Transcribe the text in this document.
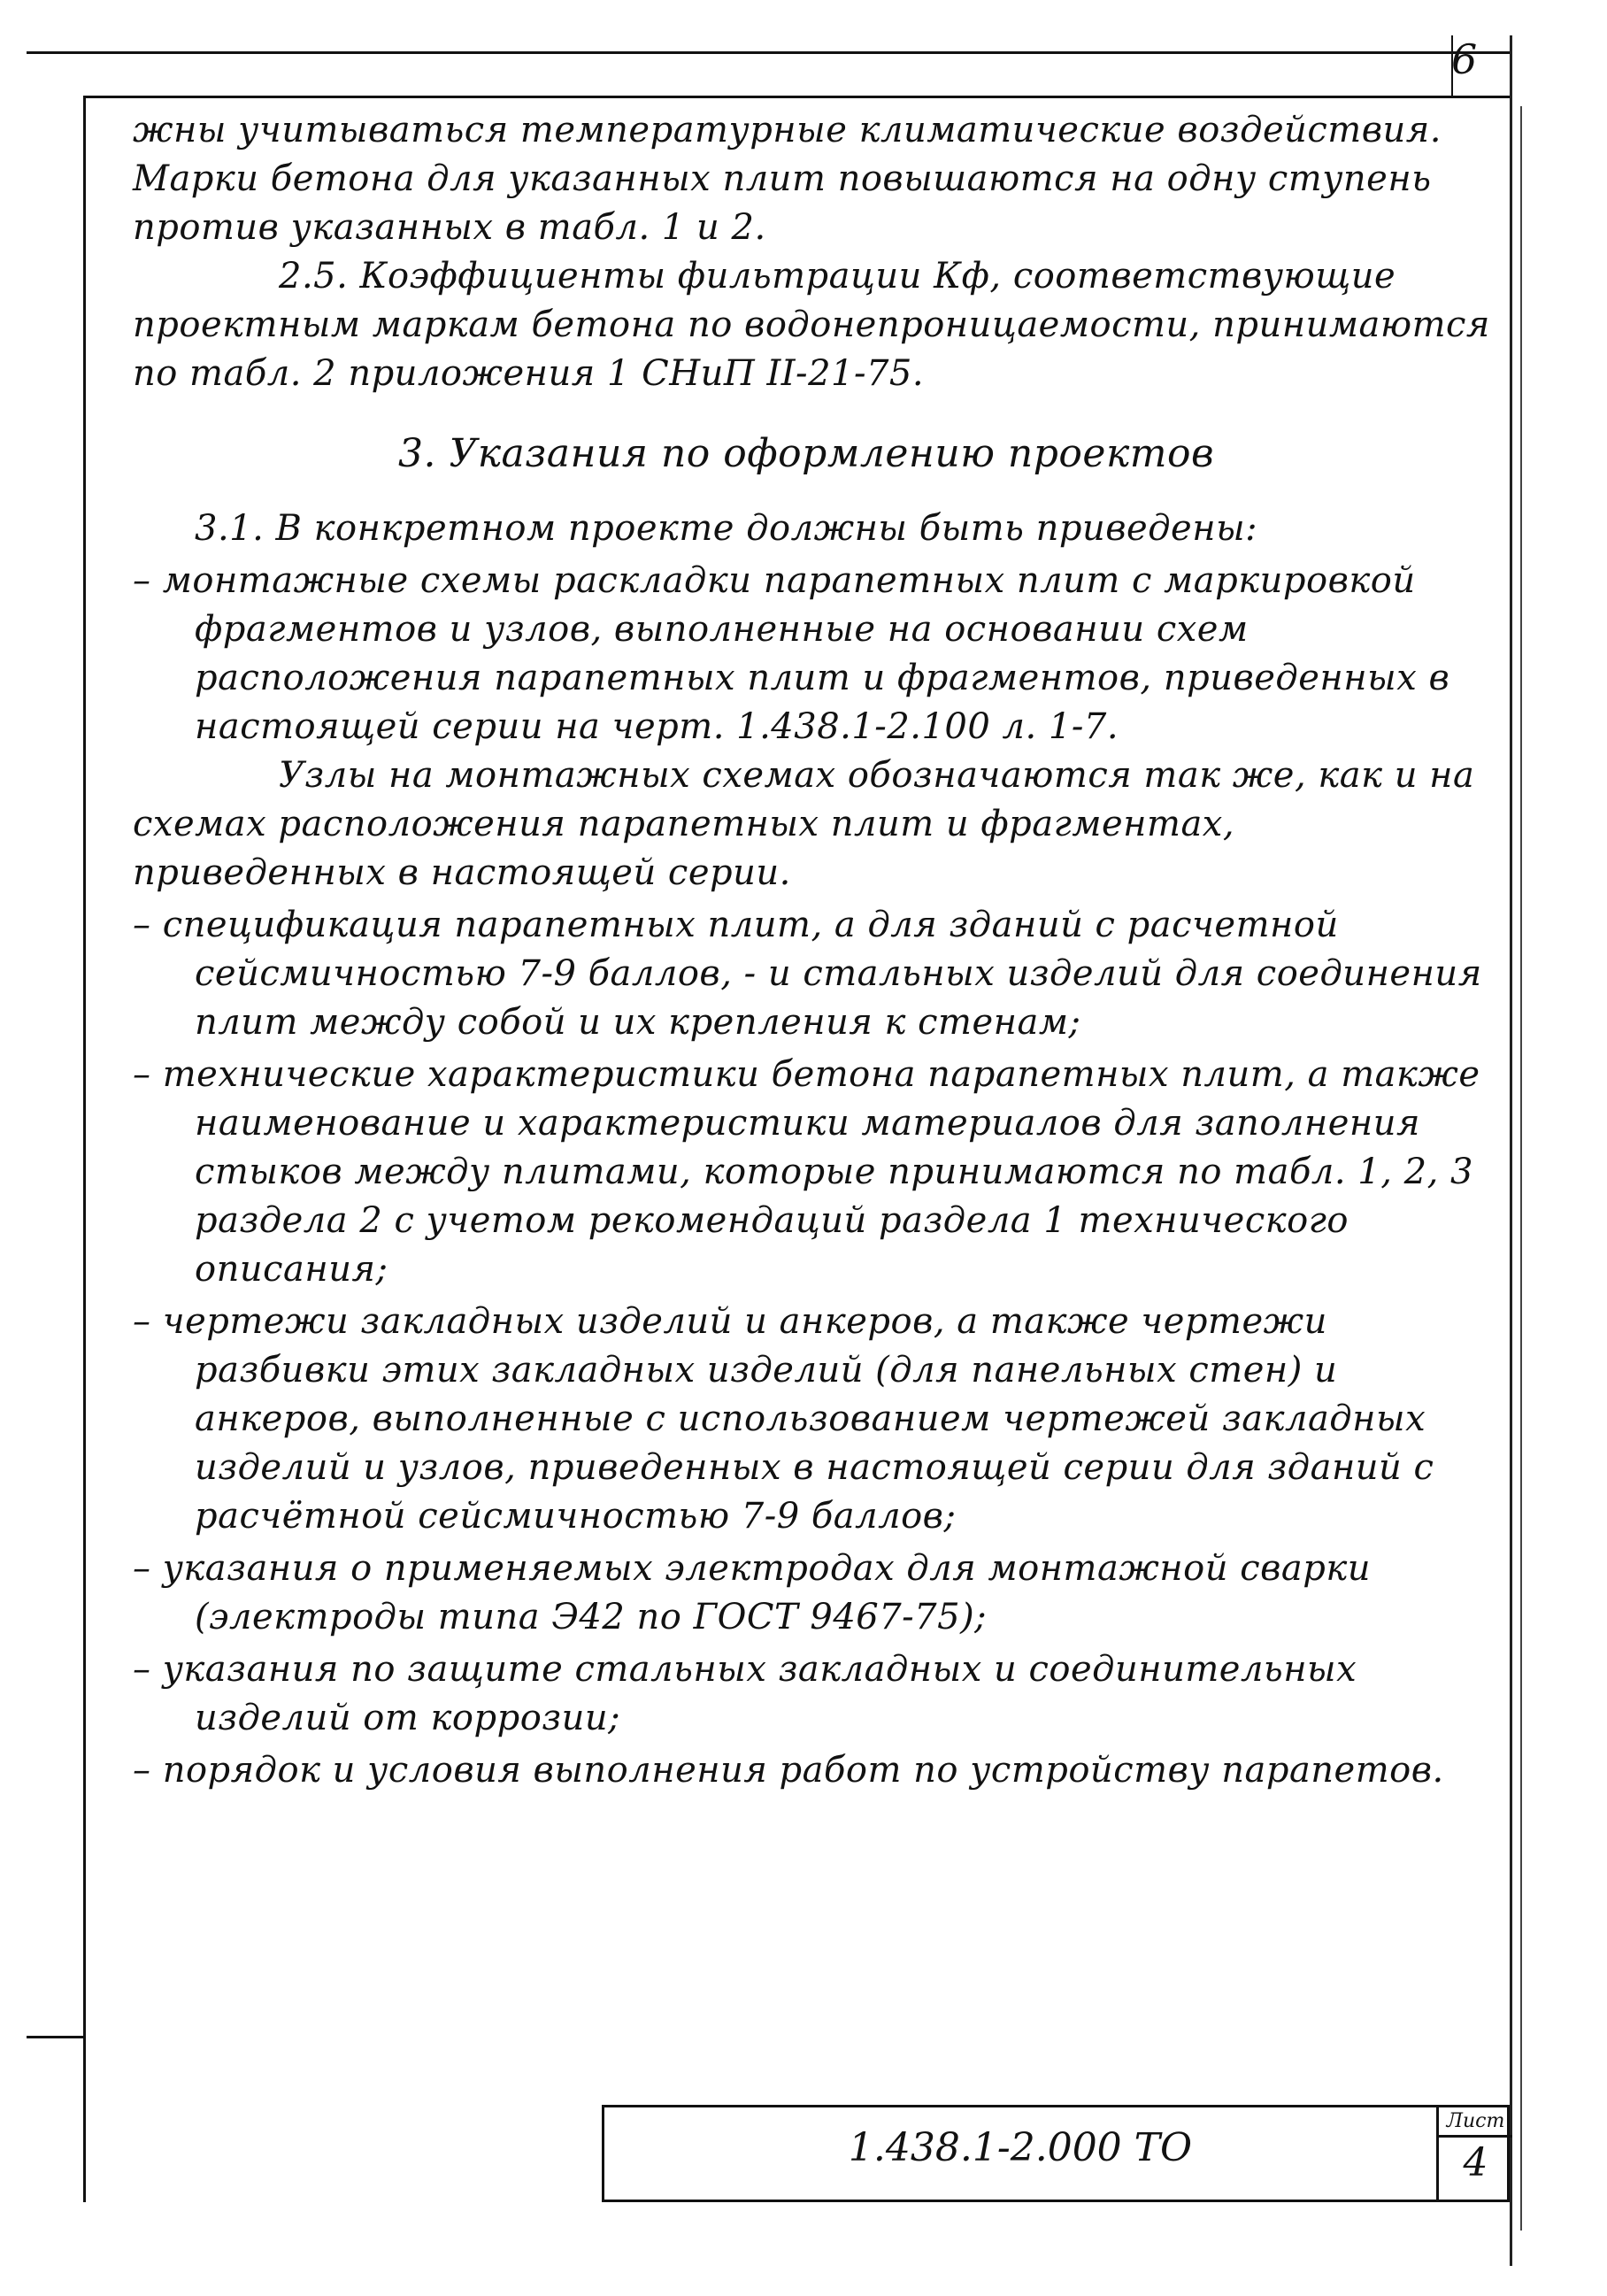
6

жны учитываться температурные климатические воздействия. Марки бетона для указанных плит повышаются на одну ступень против указанных в табл. 1 и 2.

2.5. Коэффициенты фильтрации Кф, соответствующие проектным маркам бетона по водонепроницаемости, принимаются по табл. 2 приложения 1 СНиП II-21-75.

3. Указания по оформлению проектов

3.1. В конкретном проекте должны быть приведены:

– монтажные схемы раскладки парапетных плит с маркировкой фрагментов и узлов, выполненные на основании схем расположения парапетных плит и фрагментов, приведенных в настоящей серии на черт. 1.438.1-2.100 л. 1-7.

Узлы на монтажных схемах обозначаются так же, как и на схемах расположения парапетных плит и фрагментах, приведенных в настоящей серии.

– спецификация парапетных плит, а для зданий с расчетной сейсмичностью 7-9 баллов, - и стальных изделий для соединения плит между собой и их крепления к стенам;

– технические характеристики бетона парапетных плит, а также наименование и характеристики материалов для заполнения стыков между плитами, которые принимаются по табл. 1, 2, 3 раздела 2 с учетом рекомендаций раздела 1 технического описания;

– чертежи закладных изделий и анкеров, а также чертежи разбивки этих закладных изделий (для панельных стен) и анкеров, выполненные с использованием чертежей закладных изделий и узлов, приведенных в настоящей серии для зданий с расчётной сейсмичностью 7-9 баллов;

– указания о применяемых электродах для монтажной сварки (электроды типа Э42 по ГОСТ 9467-75);

– указания по защите стальных закладных и соединительных изделий от коррозии;

– порядок и условия выполнения работ по устройству парапетов.

1.438.1-2.000 ТО
Лист
4
